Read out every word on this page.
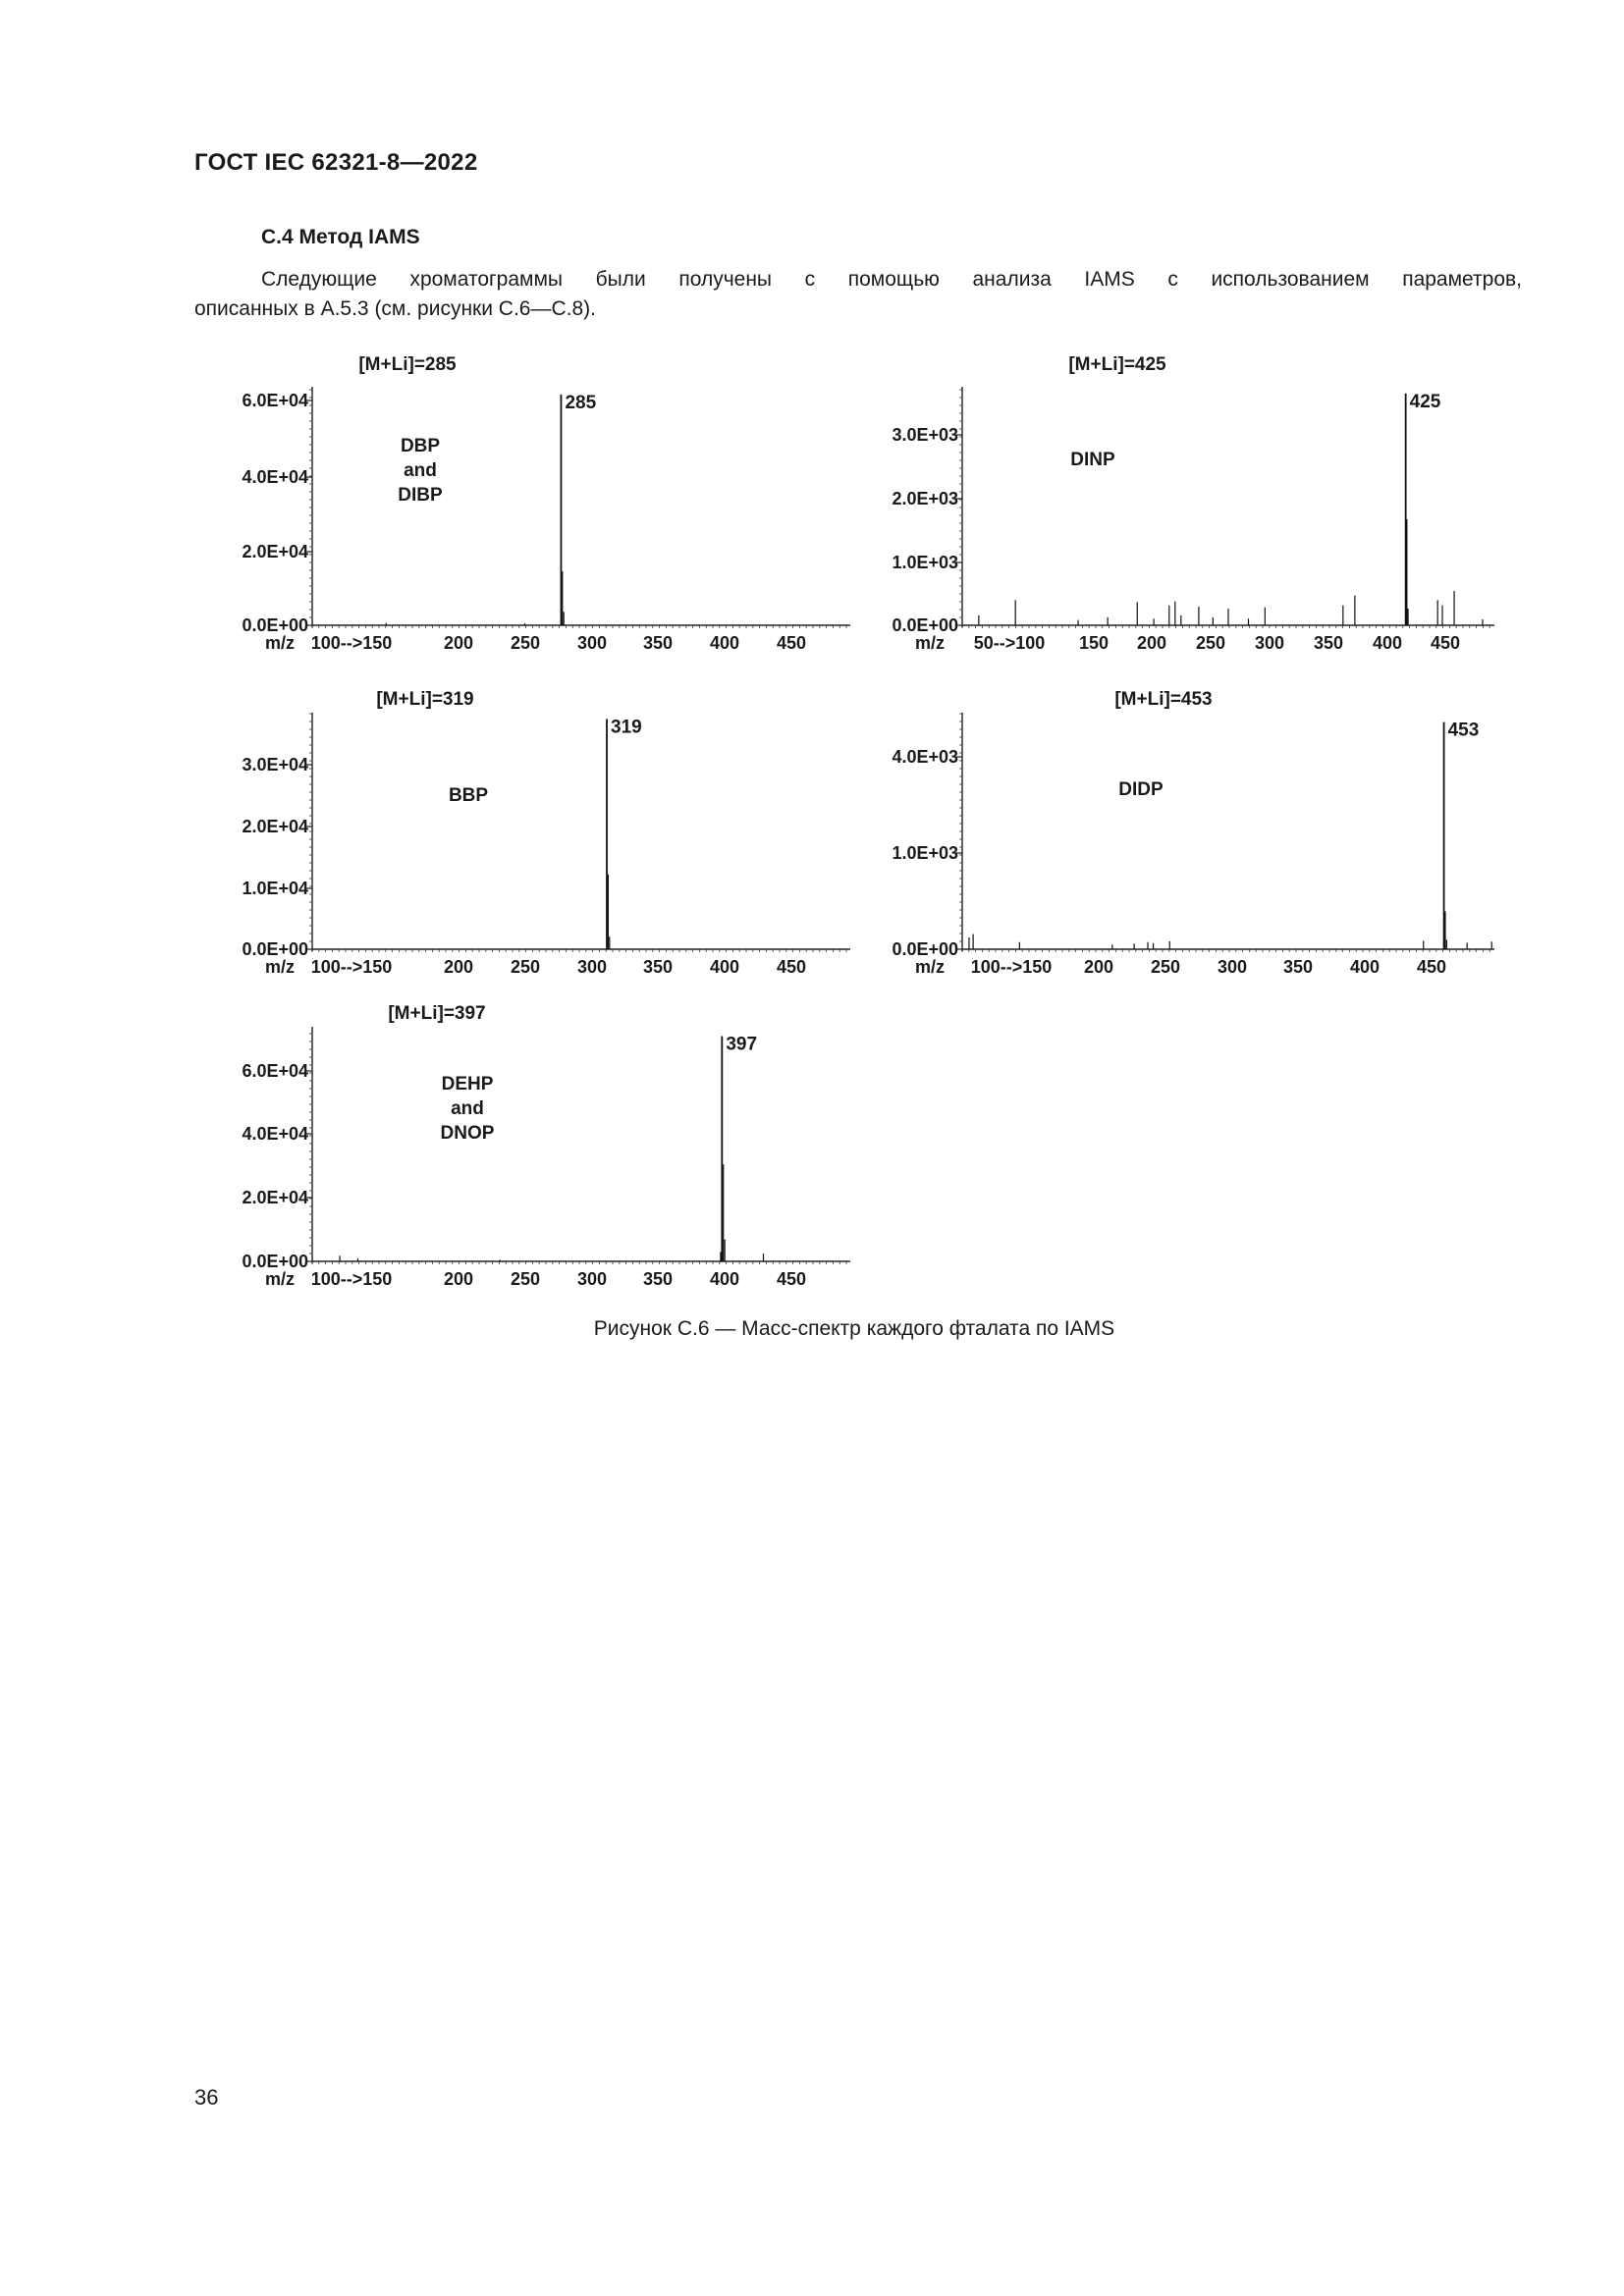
ГОСТ IEC 62321-8—2022
С.4 Метод IAMS
Следующие хроматограммы были получены с помощью анализа IAMS с использованием параметров,
описанных в А.5.3 (см. рисунки С.6—С.8).
[M+Li]=285
0.0E+00
2.0E+04
4.0E+04
6.0E+04
m/z 100-->150	200 250 300 350 400 450
DBP
and
DIBP
285
[M+Li]=425
0.0E+00
1.0E+03
2.0E+03
3.0E+03
m/z 50-->100 150 200 250 300 350 400 450
DINP
425
[M+Li]=319
0.0E+00
1.0E+04
2.0E+04
3.0E+04
m/z 100-->150	200 250 300 350 400 450
BBP
319
[M+Li]=453
0.0E+00
1.0E+03
4.0E+03
m/z 100-->150 200 250 300 350 400 450
DIDP
453
[M+Li]=397
0.0E+00
2.0E+04
4.0E+04
6.0E+04
m/z 100-->150	200 250 300 350 400 450
DEHP
and
DNOP
397
Рисунок С.6 — Масс-спектр каждого фталата по IAMS
36
